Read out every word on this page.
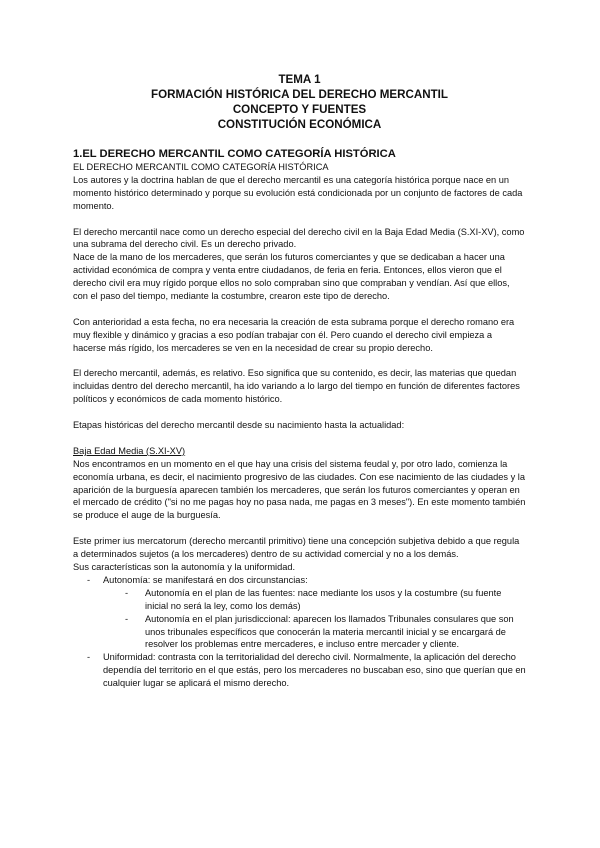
TEMA 1
FORMACIÓN HISTÓRICA DEL DERECHO MERCANTIL
CONCEPTO Y FUENTES
CONSTITUCIÓN ECONÓMICA
1.EL DERECHO MERCANTIL COMO CATEGORÍA HISTÓRICA

EL DERECHO MERCANTIL COMO CATEGORÍA HISTÓRICA

Los autores y la doctrina hablan de que el derecho mercantil es una categoría histórica porque nace en un momento histórico determinado y porque su evolución está condicionada por un conjunto de factores de cada momento.

El derecho mercantil nace como un derecho especial del derecho civil en la Baja Edad Media (S.XI-XV), como una subrama del derecho civil. Es un derecho privado.

Nace de la mano de los mercaderes, que serán los futuros comerciantes y que se dedicaban a hacer una actividad económica de compra y venta entre ciudadanos, de feria en feria. Entonces, ellos vieron que el derecho civil era muy rígido porque ellos no solo compraban sino que compraban y vendían. Así que ellos, con el paso del tiempo, mediante la costumbre, crearon este tipo de derecho.

Con anterioridad a esta fecha, no era necesaria la creación de esta subrama porque el derecho romano era muy flexible y dinámico y gracias a eso podían trabajar con él. Pero cuando el derecho civil empieza a hacerse más rígido, los mercaderes se ven en la necesidad de crear su propio derecho.

El derecho mercantil, además, es relativo. Eso significa que su contenido, es decir, las materias que quedan incluidas dentro del derecho mercantil, ha ido variando a lo largo del tiempo en función de diferentes factores políticos y económicos de cada momento histórico.

Etapas históricas del derecho mercantil desde su nacimiento hasta la actualidad:

Baja Edad Media (S.XI-XV)

Nos encontramos en un momento en el que hay una crisis del sistema feudal y, por otro lado, comienza la economía urbana, es decir, el nacimiento progresivo de las ciudades. Con ese nacimiento de las ciudades y la aparición de la burguesía aparecen también los mercaderes, que serán los futuros comerciantes y operan en el mercado de crédito ("si no me pagas hoy no pasa nada, me pagas en 3 meses"). En este momento también se produce el auge de la burguesía.

Este primer ius mercatorum (derecho mercantil primitivo) tiene una concepción subjetiva debido a que regula a determinados sujetos (a los mercaderes) dentro de su actividad comercial y no a los demás.

Sus características son la autonomía y la uniformidad.

- Autonomía: se manifestará en dos circunstancias:
- Autonomía en el plan de las fuentes: nace mediante los usos y la costumbre (su fuente inicial no será la ley, como los demás)
- Autonomía en el plan jurisdiccional: aparecen los llamados Tribunales consulares que son unos tribunales específicos que conocerán la materia mercantil inicial y se encargará de resolver los problemas entre mercaderes, e incluso entre mercader y cliente.
- Uniformidad: contrasta con la territorialidad del derecho civil. Normalmente, la aplicación del derecho dependía del territorio en el que estás, pero los mercaderes no buscaban eso, sino que querían que en cualquier lugar se aplicará el mismo derecho.
